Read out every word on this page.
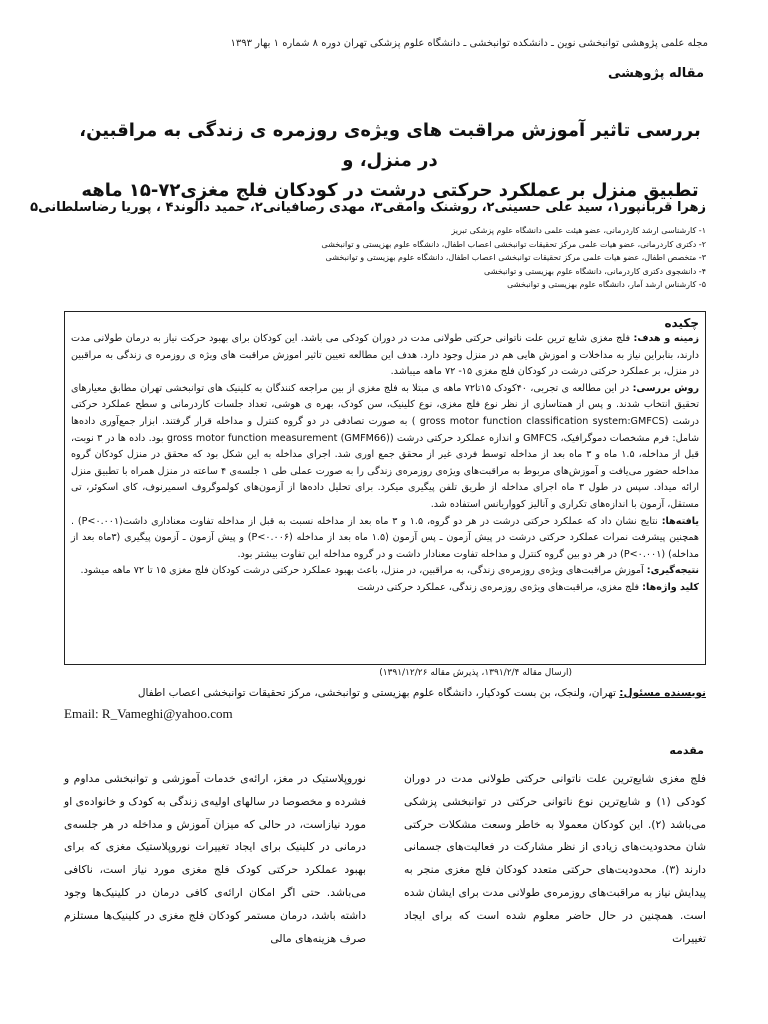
مجله علمی پژوهشی توانبخشی نوین ـ دانشکده توانبخشی ـ دانشگاه علوم پزشکی تهران دوره ۸ شماره ۱ بهار ۱۳۹۳
مقاله پژوهشی
بررسی تاثیر آموزش مراقبت های ویژه‌ی روزمره ی زندگی به مراقبین، در منزل، و
تطبیق منزل بر عملکرد حرکتی درشت در کودکان فلج مغزی۷۲-۱۵ ماهه
زهرا قربانپور۱، سید علی حسینی۲، روشنک وامقی۳، مهدی رصافیانی۲، حمید دالوند۴ ، پوریا رضاسلطانی۵
۱- کارشناسی ارشد کاردرمانی، عضو هیئت علمی دانشگاه علوم پزشکی تبریز
۲- دکتری کاردرمانی، عضو هیات علمی مرکز تحقیقات توانبخشی اعصاب اطفال، دانشگاه علوم بهزیستی و توانبخشی
۳- متخصص اطفال، عضو هیات علمی مرکز تحقیقات توانبخشی اعصاب اطفال، دانشگاه علوم بهزیستی و توانبخشی
۴- دانشجوی دکتری کاردرمانی، دانشگاه علوم بهزیستی و توانبخشی
۵- کارشناس ارشد آمار، دانشگاه علوم بهزیستی و توانبخشی
چکیده

زمینه و هدف: فلج مغزی شایع ترین علت ناتوانی حرکتی طولانی مدت در دوران کودکی می باشد. این کودکان برای بهبود حرکت نیاز به درمان طولانی مدت دارند، بنابراین نیاز به مداخلات و اموزش هایی هم در منزل وجود دارد. هدف این مطالعه تعیین تاثیر اموزش مراقبت های ویژه ی روزمره ی زندگی به مراقبین در منزل، بر عملکرد حرکتی درشت در کودکان فلج مغزی ۱۵- ۷۲ ماهه میباشد.

روش بررسی: در این مطالعه ی تجربی، ۴۰کودک ۱۵تا۷۲ ماهه ی مبتلا به فلج مغزی از بین مراجعه کنندگان به کلینیک های توانبخشی تهران مطابق معیارهای تحقیق انتخاب شدند. و پس از همتاسازی از نظر نوع فلج مغزی، نوع کلینیک، سن کودک، بهره ی هوشی، تعداد جلسات کاردرمانی و سطح عملکرد حرکتی درشت (gross motor function classification system:GMFCS ) به صورت تصادفی در دو گروه کنترل و مداخله قرار گرفتند. ابزار جمع‌آوری داده‌ها شامل: فرم مشخصات دموگرافیک، GMFCS و اندازه عملکرد حرکتی درشت (gross motor function measurement (GMFM66) بود. داده ها در ۳ نوبت، قبل از مداخله، ۱.۵ ماه و ۳ ماه بعد از مداخله توسط فردی غیر از محقق جمع اوری شد. اجرای مداخله به این شکل بود که محقق در منزل کودکان گروه مداخله حضور می‌یافت و آموزش‌های مربوط به مراقبت‌های ویژه‌ی روزمره‌ی زندگی را به صورت عملی طی ۱ جلسه‌ی ۴ ساعته در منزل همراه با تطبیق منزل ارائه میداد. سپس در طول ۳ ماه اجرای مداخله از طریق تلفن پیگیری میکرد. برای تحلیل داده‌ها از آزمون‌های کولموگروف اسمیرنوف، کای اسکوئر، تی مستقل، آزمون با اندازه‌های تکراری و آنالیز کوواریانس استفاده شد.

یافته‌ها: نتایج نشان داد که عملکرد حرکتی درشت در هر دو گروه، ۱.۵ و ۳ ماه بعد از مداخله نسبت به قبل از مداخله تفاوت معناداری داشت(P<۰.۰۰۱) . همچنین پیشرفت نمرات عملکرد حرکتی درشت در پیش آزمون ـ پس آزمون (۱.۵ ماه بعد از مداخله (P<۰.۰۰۶) و پیش آزمون ـ آزمون پیگیری (۳ماه بعد از مداخله) (P<۰.۰۰۱) در هر دو بین گروه کنترل و مداخله تفاوت معنادار داشت و در گروه مداخله این تفاوت بیشتر بود.

نتیجه‌گیری: آموزش مراقبت‌های ویژه‌ی روزمره‌ی زندگی، به مراقبین، در منزل، باعث بهبود عملکرد حرکتی درشت کودکان فلج مغزی ۱۵ تا ۷۲ ماهه میشود.

کلید واژه‌ها: فلج مغزی، مراقبت‌های ویژه‌ی روزمره‌ی زندگی، عملکرد حرکتی درشت

(ارسال مقاله ۱۳۹۱/۲/۴، پذیرش مقاله ۱۳۹۱/۱۲/۲۶)
نویسنده مسئول: تهران، ولنجک، بن بست کودکیار، دانشگاه علوم بهزیستی و توانبخشی، مرکز تحقیقات توانبخشی اعصاب اطفال
Email: R_Vameghi@yahoo.com
مقدمه
فلج مغزی شایع‌ترین علت ناتوانی حرکتی طولانی مدت در دوران کودکی (۱) و شایع‌ترین نوع ناتوانی حرکتی در توانبخشی پزشکی می‌باشد (۲). این کودکان معمولا به خاطر وسعت مشکلات حرکتی شان محدودیت‌های زیادی از نظر مشارکت در فعالیت‌های جسمانی دارند (۳). محدودیت‌های حرکتی متعدد کودکان فلج مغزی منجر به پیدایش نیاز به مراقبت‌های روزمره‌ی طولانی مدت برای ایشان شده است. همچنین در حال حاضر معلوم شده است که برای ایجاد تغییرات
نوروپلاستیک در مغز، ارائه‌ی خدمات آموزشی و توانبخشی مداوم و فشرده و مخصوصا در سالهای اولیه‌ی زندگی به کودک و خانواده‌ی او مورد نیازاست، در حالی که میزان آموزش و مداخله در هر جلسه‌ی درمانی در کلینیک برای ایجاد تغییرات نوروپلاستیک مغزی که برای بهبود عملکرد حرکتی کودک فلج مغزی مورد نیاز است، ناکافی می‌باشد. حتی اگر امکان ارائه‌ی کافی درمان در کلینیک‌ها وجود داشته باشد، درمان مستمر کودکان فلج مغزی در کلینیک‌ها مستلزم صرف هزینه‌های مالی
